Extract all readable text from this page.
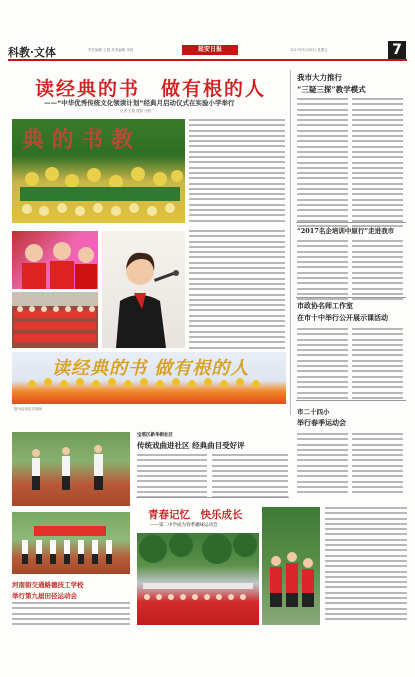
科教·文体	责任编辑 王娟 美术编辑 李莉	延安日报	2017年5月26日 星期五	7
读经典的书　做有根的人
——“中华优秀传统文化领读计划”经典月启动仪式在实验小学举行
记者 王璇 摄影 田野
典 的 书 教
读经典的书 做有根的人
图为启动仪式现场
我市大力推行
“三疑三探”教学模式
“2017名企培训中原行”走进我市
市政协名师工作室
在市十中举行公开展示课活动
市二十四小
举行春季运动会
河南街交通路德技工学校
举行第九届田径运动会
宝塔区新华街社区
传统戏曲进社区 经典曲目受好评
青春记忆　快乐成长
——第二中学成为春季趣味运动会
